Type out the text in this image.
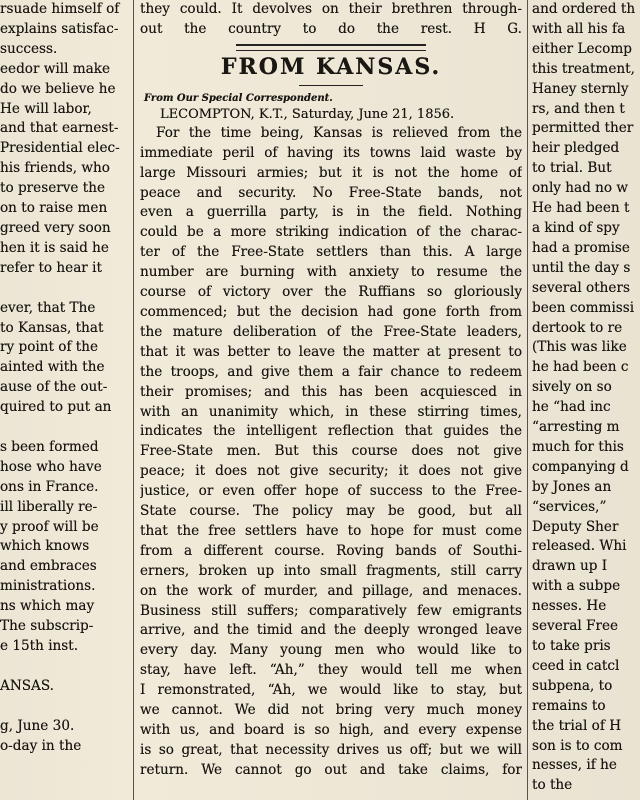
rsuade himself of
explains satisfac-
success.
eedor will make
do we believe he
He will labor,
and that earnest-
Presidential elec-
his friends, who
to preserve the
on to raise men
greed very soon
hen it is said he
refer to hear it

ever, that The
to Kansas, that
ry point of the
ainted with the
ause of the out-
quired to put an

s been formed
hose who have
ons in France.
ill liberally re-
y proof will be
which knows
and embraces
ministrations.
ns which may
The subscrip-
e 15th inst.

ANSAS.

g, June 30.
o-day in the
they could. It devolves on their brethren through-
out the country to do the rest. H G.
FROM KANSAS.
From Our Special Correspondent.
LECOMPTON, K.T., Saturday, June 21, 1856.
For the time being, Kansas is relieved from the
immediate peril of having its towns laid waste by
large Missouri armies; but it is not the home of
peace and security. No Free-State bands, not
even a guerrilla party, is in the field. Nothing
could be a more striking indication of the charac-
ter of the Free-State settlers than this. A large
number are burning with anxiety to resume the
course of victory over the Ruffians so gloriously
commenced; but the decision had gone forth from
the mature deliberation of the Free-State leaders,
that it was better to leave the matter at present to
the troops, and give them a fair chance to redeem
their promises; and this has been acquiesced in
with an unanimity which, in these stirring times,
indicates the intelligent reflection that guides the
Free-State men. But this course does not give
peace; it does not give security; it does not give
justice, or even offer hope of success to the Free-
State course. The policy may be good, but all
that the free settlers have to hope for must come
from a different course. Roving bands of Southi-
erners, broken up into small fragments, still carry
on the work of murder, and pillage, and menaces.
Business still suffers; comparatively few emigrants
arrive, and the timid and the deeply wronged leave
every day. Many young men who would like to
stay, have left. “Ah,” they would tell me when
I remonstrated, “Ah, we would like to stay, but
we cannot. We did not bring very much money
with us, and board is so high, and every expense
is so great, that necessity drives us off; but we will
return. We cannot go out and take claims, for
and ordered th
with all his fa
either Lecomp
this treatment,
Haney sternly
rs, and then t
permitted ther
heir pledged
to trial. But
only had no w
He had been t
a kind of spy
had a promise
until the day s
several others
been commissi
dertook to re
(This was like
he had been c
sively on so
he “had inc
“arresting m
much for this
companying d
by Jones an
“services,”
Deputy Sher
released. Whi
drawn up I
with a subpe
nesses. He
several Free
to take pris
ceed in catcl
subpena, to
remains to
the trial of H
son is to com
nesses, if he
to the
